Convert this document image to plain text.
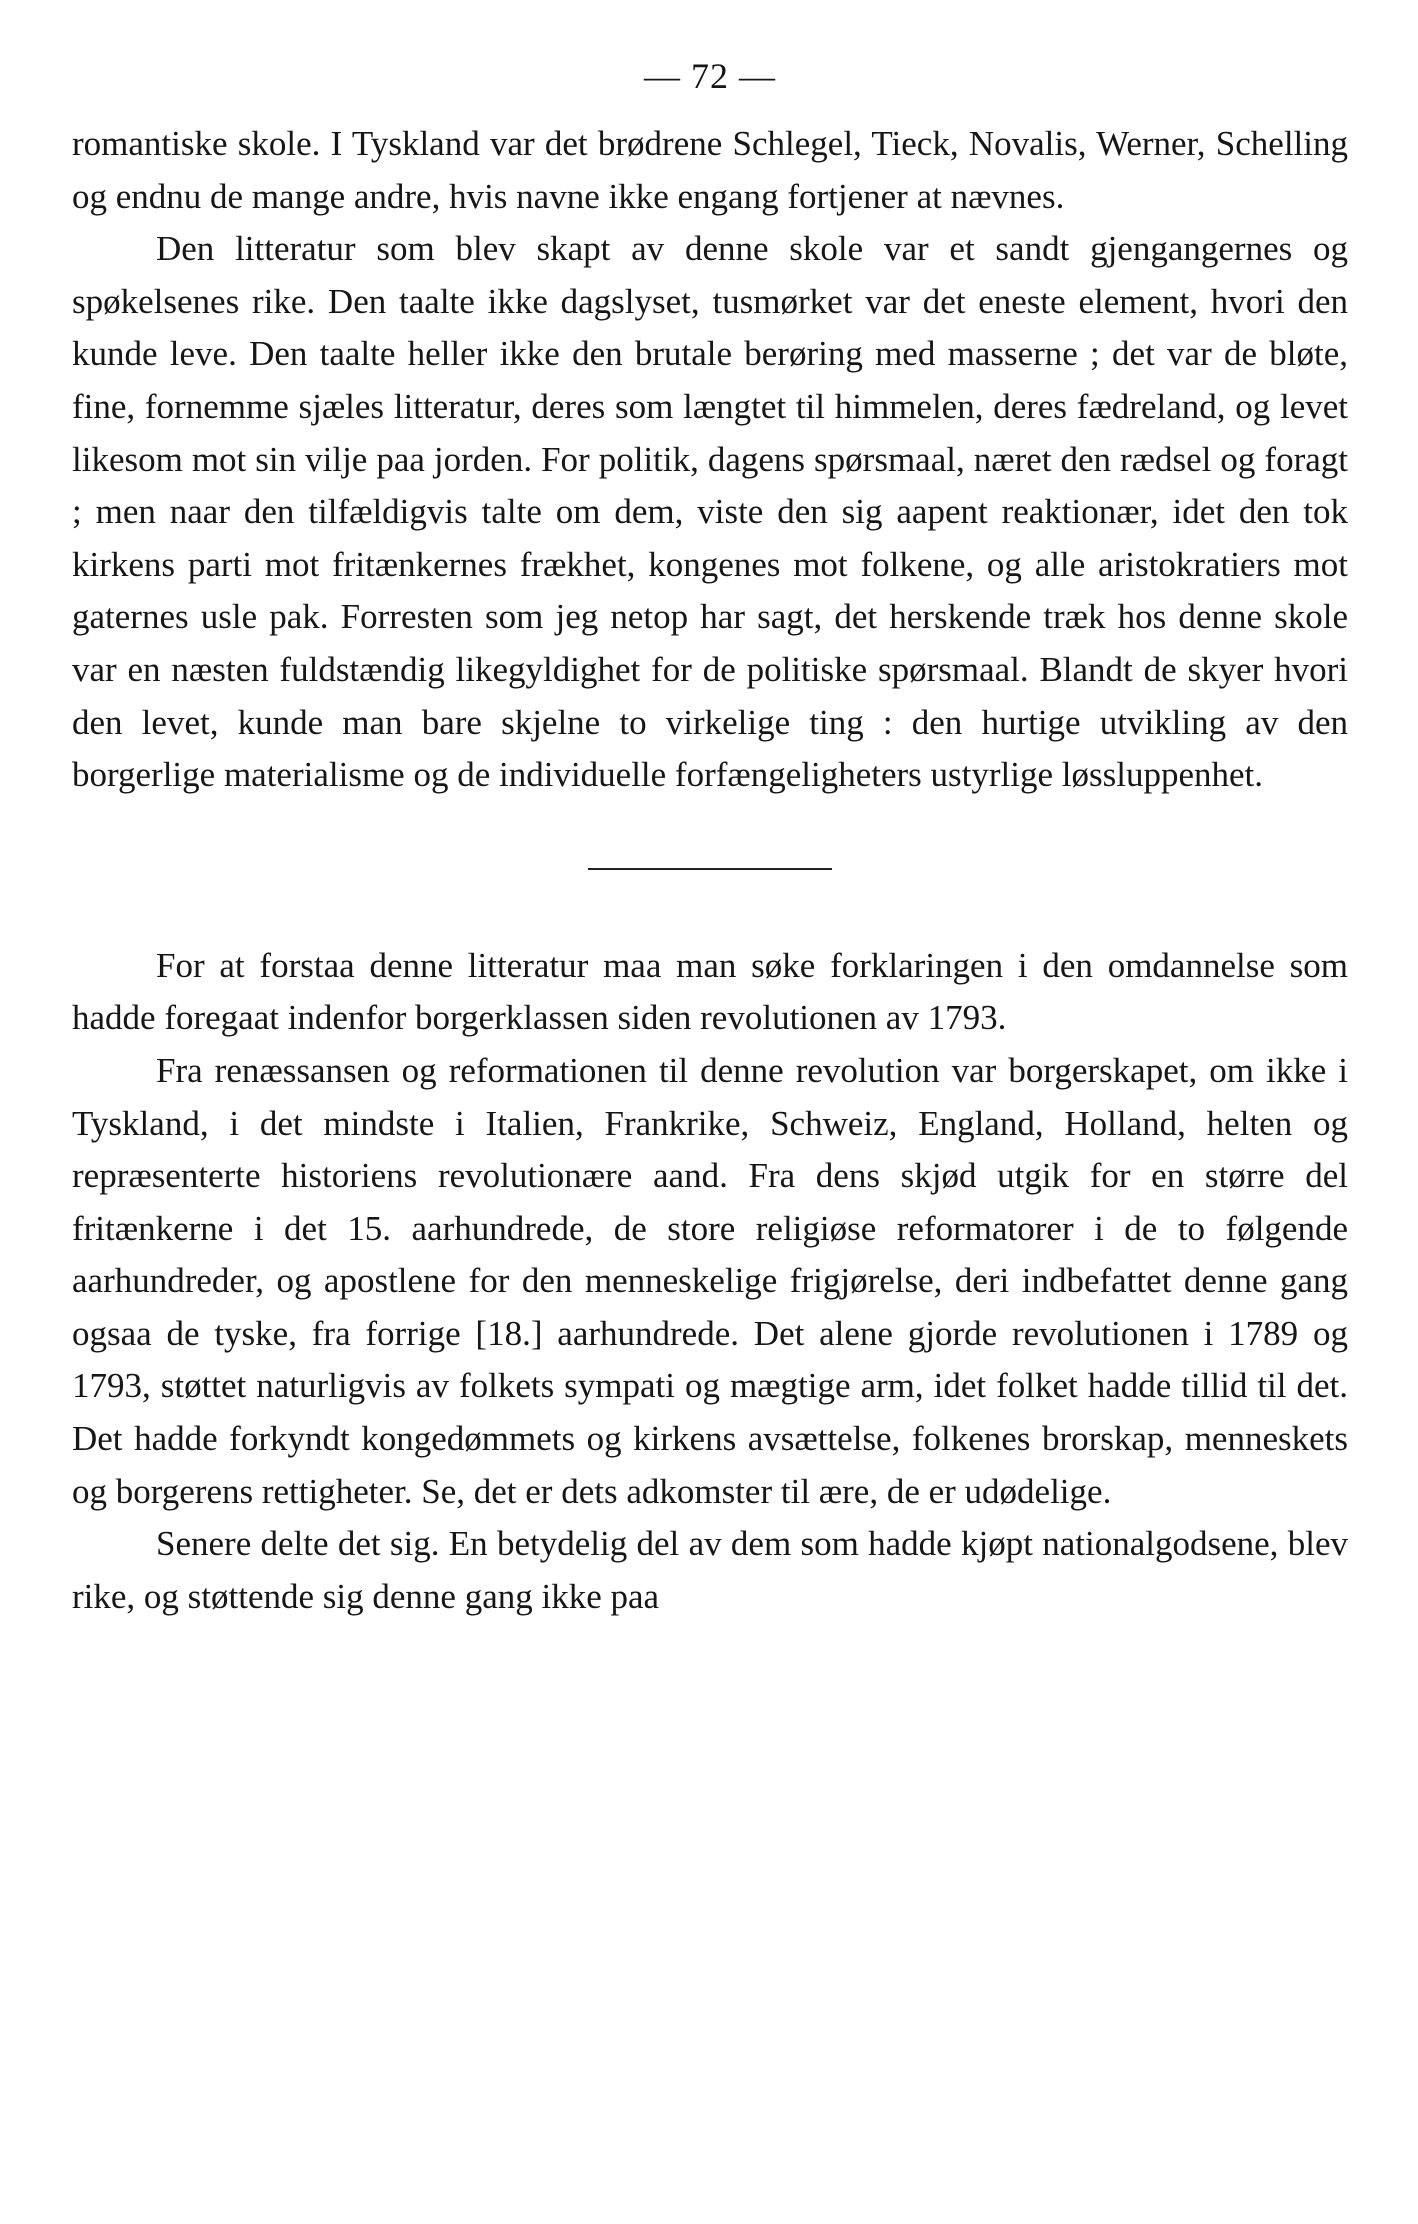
— 72 —

romantiske skole. I Tyskland var det brødrene Schlegel, Tieck, Novalis, Werner, Schelling og endnu de mange andre, hvis navne ikke engang fortjener at nævnes.

Den litteratur som blev skapt av denne skole var et sandt gjengangernes og spøkelsenes rike. Den taalte ikke dagslyset, tusmørket var det eneste element, hvori den kunde leve. Den taalte heller ikke den brutale berøring med masserne ; det var de bløte, fine, fornemme sjæles litteratur, deres som længtet til himmelen, deres fædreland, og levet likesom mot sin vilje paa jorden. For politik, dagens spørsmaal, næret den rædsel og foragt ; men naar den tilfældigvis talte om dem, viste den sig aapent reaktionær, idet den tok kirkens parti mot fritænkernes frækhet, kongenes mot folkene, og alle aristokratiers mot gaternes usle pak. Forresten som jeg netop har sagt, det herskende træk hos denne skole var en næsten fuldstændig likegyldighet for de politiske spørsmaal. Blandt de skyer hvori den levet, kunde man bare skjelne to virkelige ting : den hurtige utvikling av den borgerlige materialisme og de individuelle forfængeligheters ustyrlige løssluppenhet.

For at forstaa denne litteratur maa man søke forklaringen i den omdannelse som hadde foregaat indenfor borgerklassen siden revolutionen av 1793.

Fra renæssansen og reformationen til denne revolution var borgerskapet, om ikke i Tyskland, i det mindste i Italien, Frankrike, Schweiz, England, Holland, helten og repræsenterte historiens revolutionære aand. Fra dens skjød utgik for en større del fritænkerne i det 15. aarhundrede, de store religiøse reformatorer i de to følgende aarhundreder, og apostlene for den menneskelige frigjørelse, deri indbefattet denne gang ogsaa de tyske, fra forrige [18.] aarhundrede. Det alene gjorde revolutionen i 1789 og 1793, støttet naturligvis av folkets sympati og mægtige arm, idet folket hadde tillid til det. Det hadde forkyndt kongedømmets og kirkens avsættelse, folkenes brorskap, menneskets og borgerens rettigheter. Se, det er dets adkomster til ære, de er udødelige.

Senere delte det sig. En betydelig del av dem som hadde kjøpt nationalgodsene, blev rike, og støttende sig denne gang ikke paa
